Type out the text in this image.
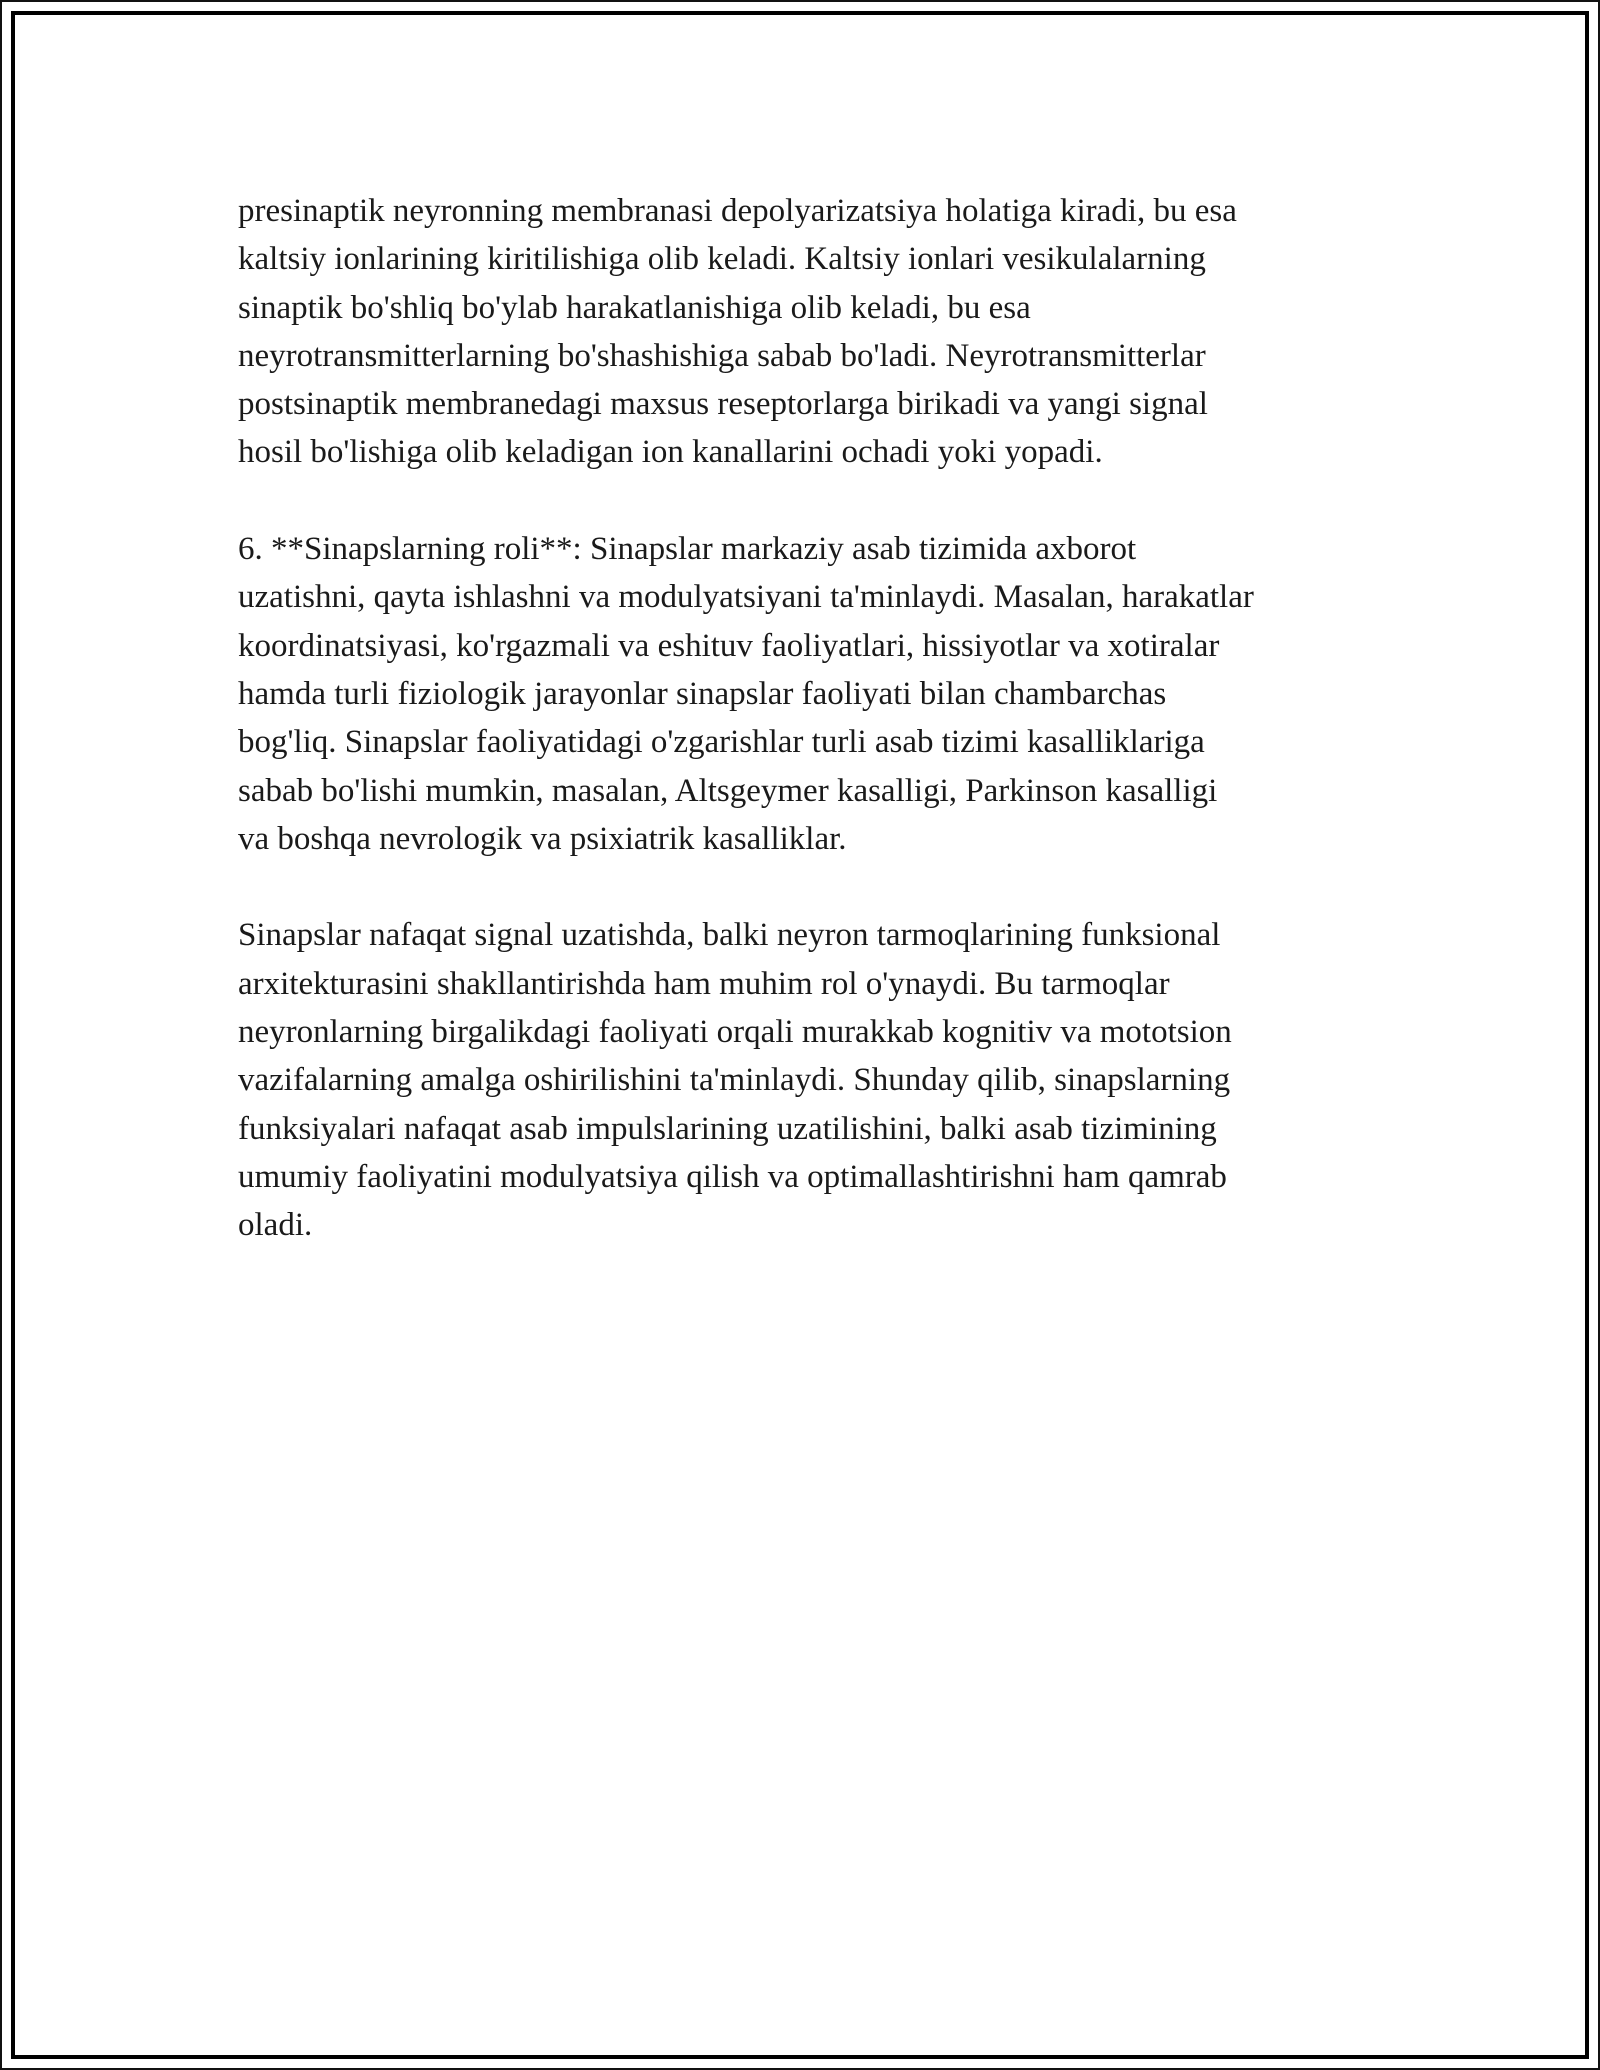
presinaptik neyronning membranasi depolyarizatsiya holatiga kiradi, bu esa
kaltsiy ionlarining kiritilishiga olib keladi. Kaltsiy ionlari vesikulalarning
sinaptik bo'shliq bo'ylab harakatlanishiga olib keladi, bu esa
neyrotransmitterlarning bo'shashishiga sabab bo'ladi. Neyrotransmitterlar
postsinaptik membranedagi maxsus reseptorlarga birikadi va yangi signal
hosil bo'lishiga olib keladigan ion kanallarini ochadi yoki yopadi.
6. **Sinapslarning roli**: Sinapslar markaziy asab tizimida axborot
uzatishni, qayta ishlashni va modulyatsiyani ta'minlaydi. Masalan, harakatlar
koordinatsiyasi, ko'rgazmali va eshituv faoliyatlari, hissiyotlar va xotiralar
hamda turli fiziologik jarayonlar sinapslar faoliyati bilan chambarchas
bog'liq. Sinapslar faoliyatidagi o'zgarishlar turli asab tizimi kasalliklariga
sabab bo'lishi mumkin, masalan, Altsgeymer kasalligi, Parkinson kasalligi
va boshqa nevrologik va psixiatrik kasalliklar.
Sinapslar nafaqat signal uzatishda, balki neyron tarmoqlarining funksional
arxitekturasini shakllantirishda ham muhim rol o'ynaydi. Bu tarmoqlar
neyronlarning birgalikdagi faoliyati orqali murakkab kognitiv va mototsion
vazifalarning amalga oshirilishini ta'minlaydi. Shunday qilib, sinapslarning
funksiyalari nafaqat asab impulslarining uzatilishini, balki asab tizimining
umumiy faoliyatini modulyatsiya qilish va optimallashtirishni ham qamrab
oladi.
